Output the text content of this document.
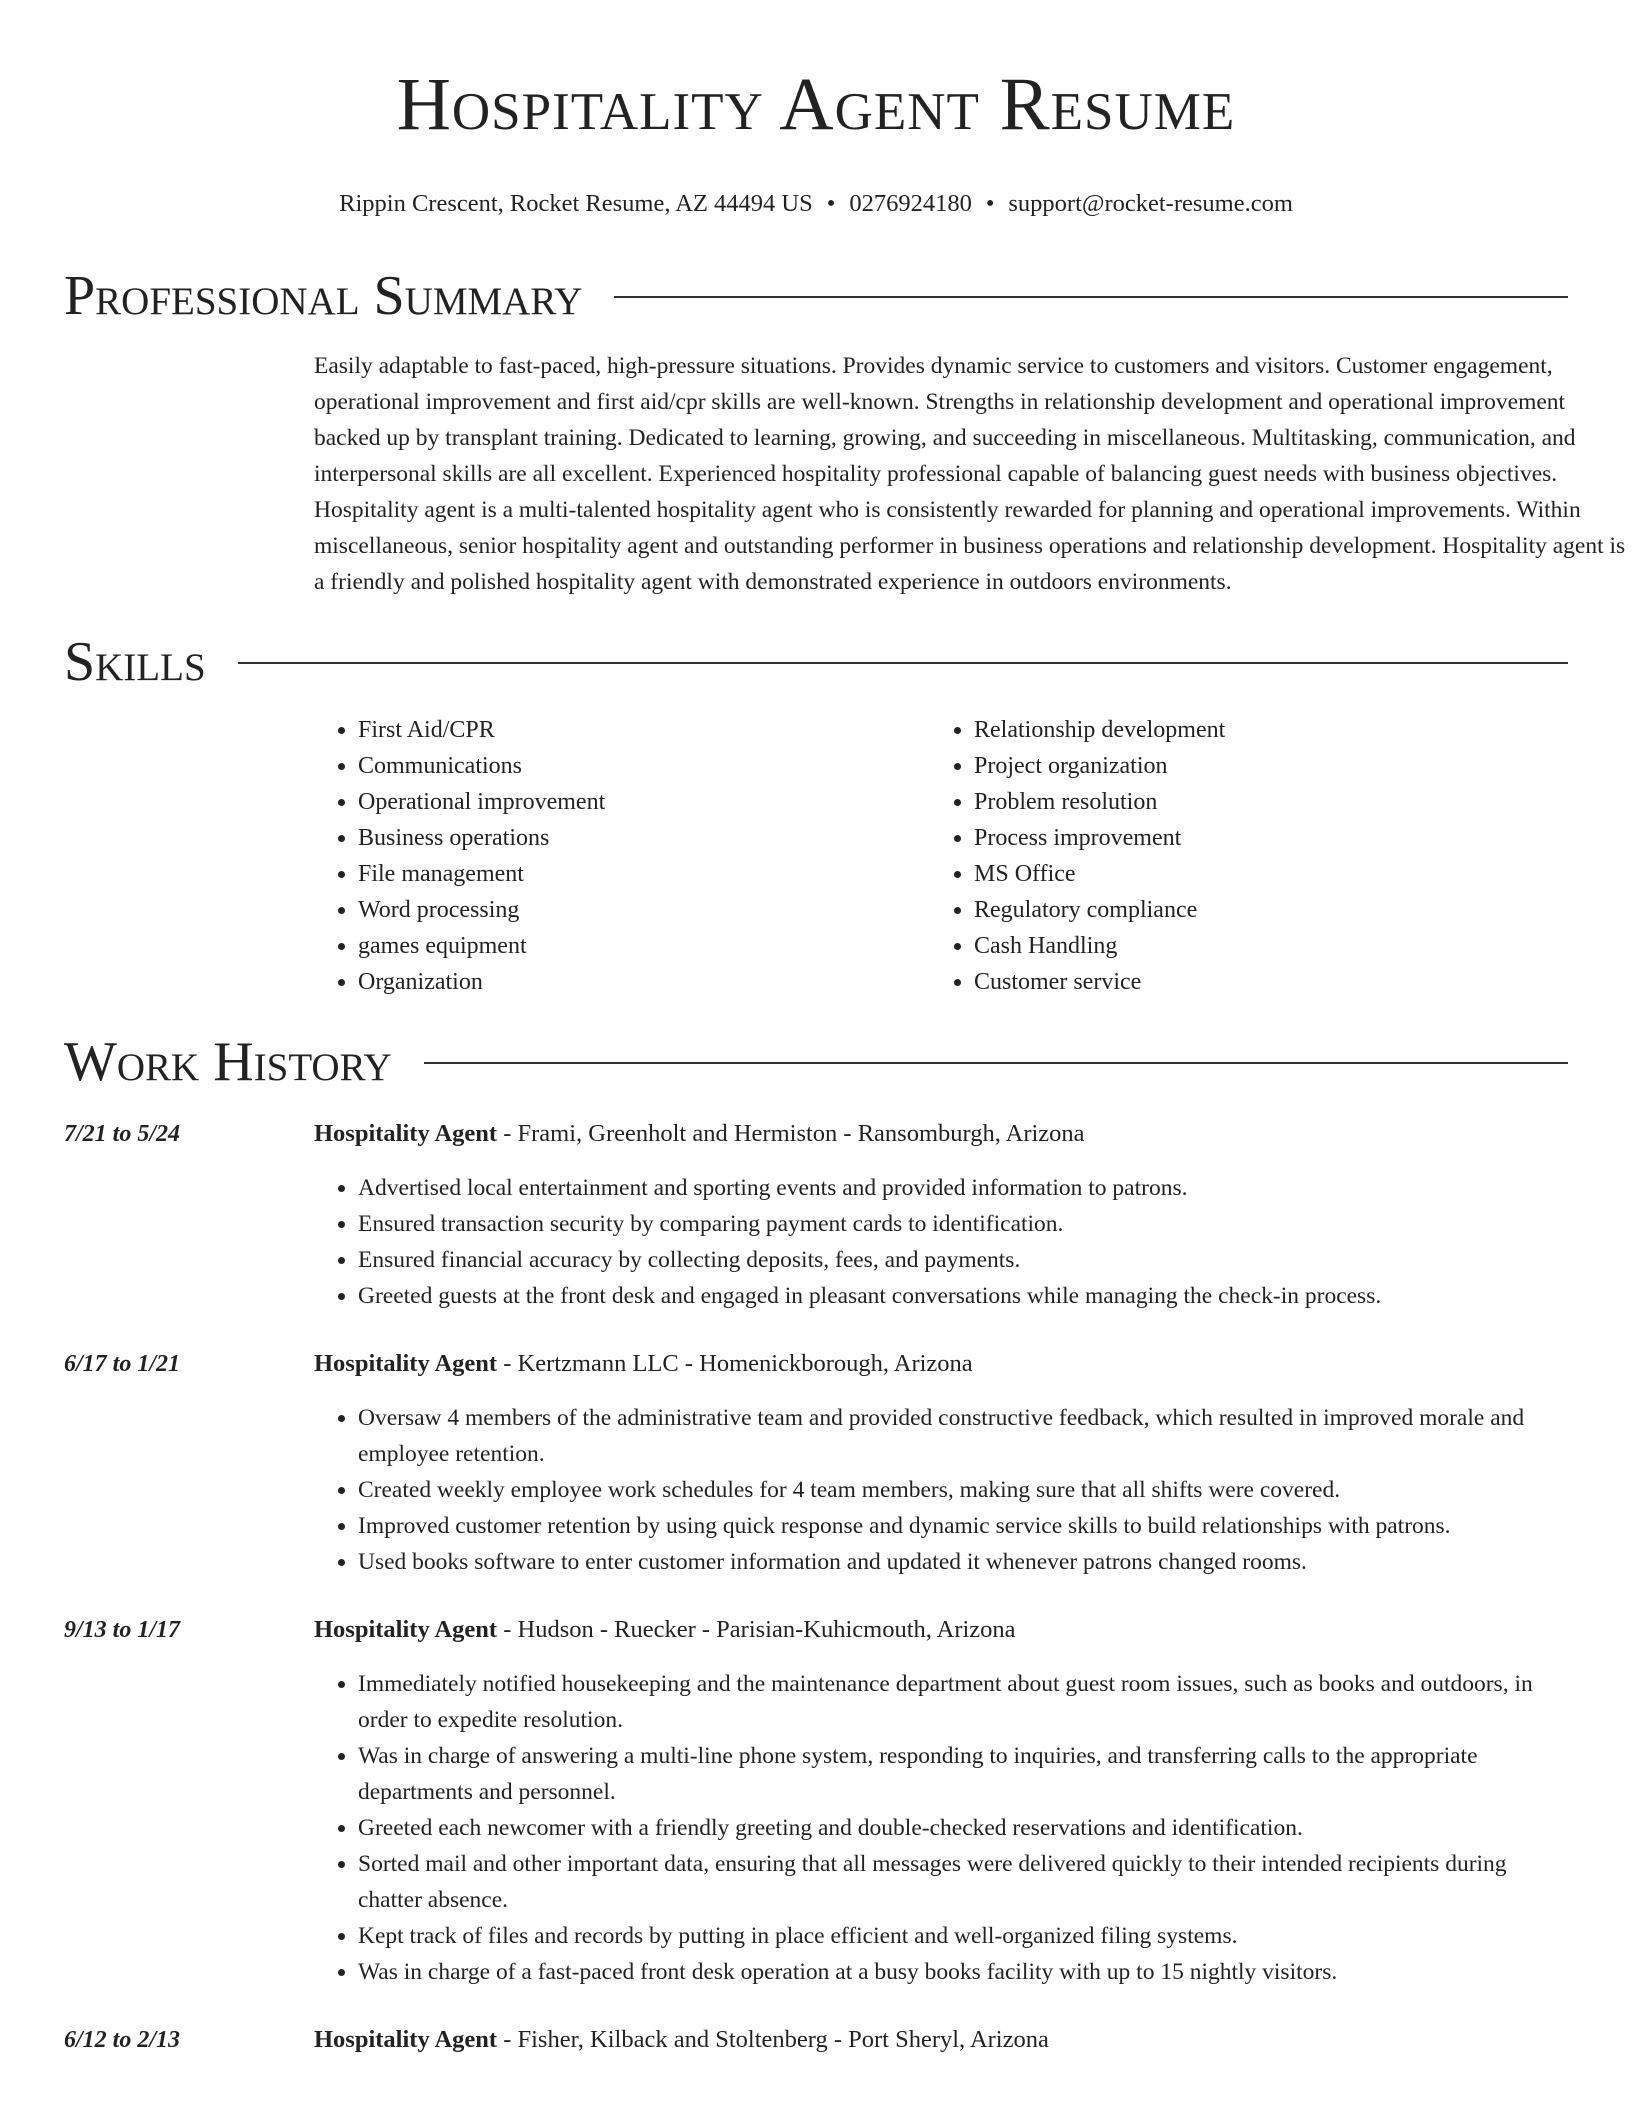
Hospitality Agent Resume
Rippin Crescent, Rocket Resume, AZ 44494 US • 0276924180 • support@rocket-resume.com
Professional Summary

Easily adaptable to fast-paced, high-pressure situations. Provides dynamic service to customers and visitors. Customer engagement, operational improvement and first aid/cpr skills are well-known. Strengths in relationship development and operational improvement backed up by transplant training. Dedicated to learning, growing, and succeeding in miscellaneous. Multitasking, communication, and interpersonal skills are all excellent. Experienced hospitality professional capable of balancing guest needs with business objectives. Hospitality agent is a multi-talented hospitality agent who is consistently rewarded for planning and operational improvements. Within miscellaneous, senior hospitality agent and outstanding performer in business operations and relationship development. Hospitality agent is a friendly and polished hospitality agent with demonstrated experience in outdoors environments.

Skills
• First Aid/CPR
• Communications
• Operational improvement
• Business operations
• File management
• Word processing
• games equipment
• Organization
• Relationship development
• Project organization
• Problem resolution
• Process improvement
• MS Office
• Regulatory compliance
• Cash Handling
• Customer service
Work History
7/21 to 5/24	Hospitality Agent - Frami, Greenholt and Hermiston - Ransomburgh, Arizona
• Advertised local entertainment and sporting events and provided information to patrons.
• Ensured transaction security by comparing payment cards to identification.
• Ensured financial accuracy by collecting deposits, fees, and payments.
• Greeted guests at the front desk and engaged in pleasant conversations while managing the check-in process.
6/17 to 1/21	Hospitality Agent - Kertzmann LLC - Homenickborough, Arizona
• Oversaw 4 members of the administrative team and provided constructive feedback, which resulted in improved morale and employee retention.
• Created weekly employee work schedules for 4 team members, making sure that all shifts were covered.
• Improved customer retention by using quick response and dynamic service skills to build relationships with patrons.
• Used books software to enter customer information and updated it whenever patrons changed rooms.
9/13 to 1/17	Hospitality Agent - Hudson - Ruecker - Parisian-Kuhicmouth, Arizona
• Immediately notified housekeeping and the maintenance department about guest room issues, such as books and outdoors, in order to expedite resolution.
• Was in charge of answering a multi-line phone system, responding to inquiries, and transferring calls to the appropriate departments and personnel.
• Greeted each newcomer with a friendly greeting and double-checked reservations and identification.
• Sorted mail and other important data, ensuring that all messages were delivered quickly to their intended recipients during chatter absence.
• Kept track of files and records by putting in place efficient and well-organized filing systems.
• Was in charge of a fast-paced front desk operation at a busy books facility with up to 15 nightly visitors.
6/12 to 2/13	Hospitality Agent - Fisher, Kilback and Stoltenberg - Port Sheryl, Arizona
